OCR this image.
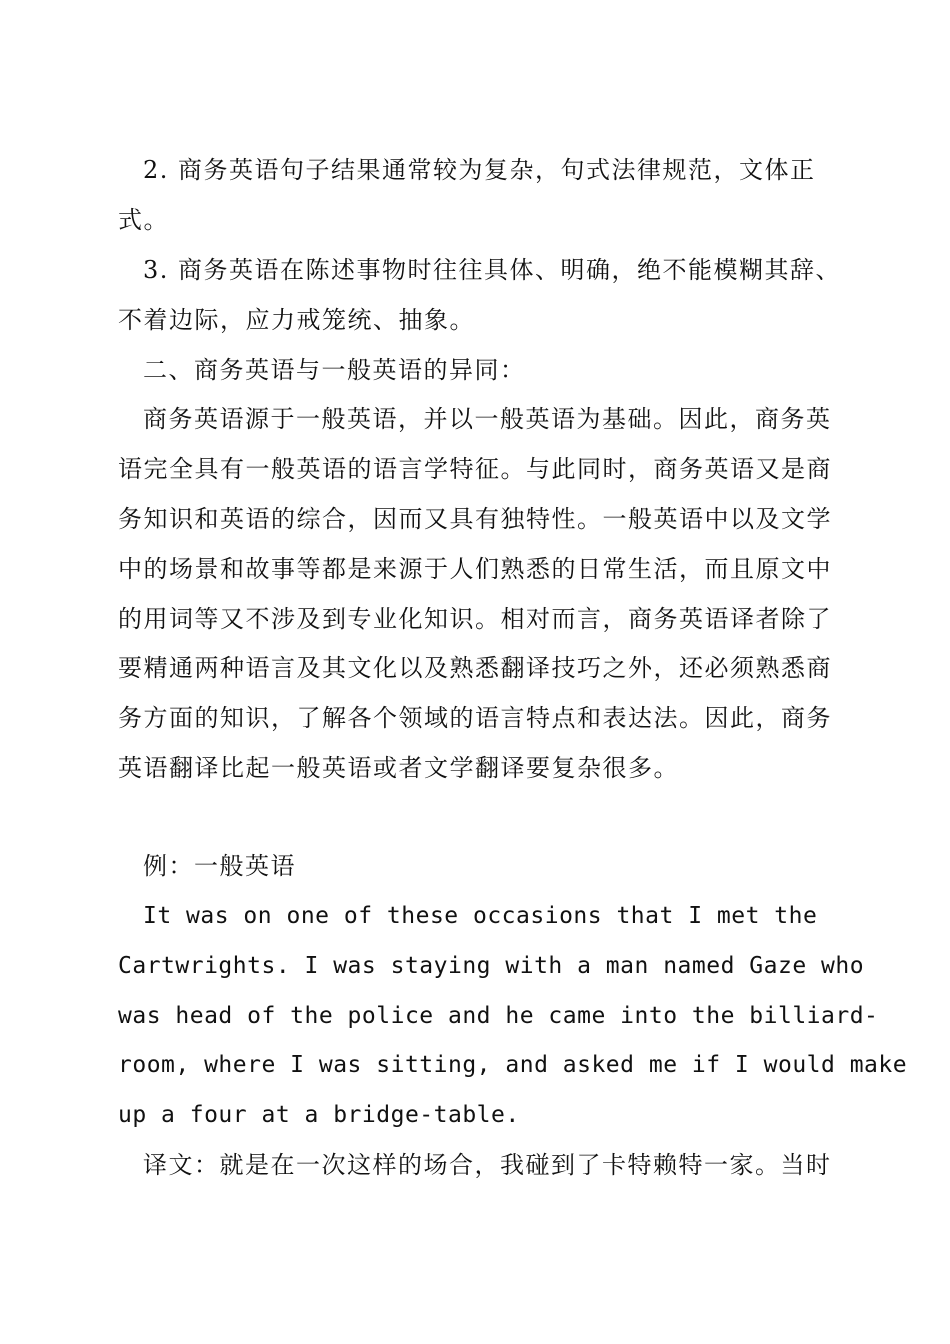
2. 商务英语句子结果通常较为复杂，句式法律规范，文体正
式。
3. 商务英语在陈述事物时往往具体、明确，绝不能模糊其辞、
不着边际，应力戒笼统、抽象。
二、商务英语与一般英语的异同：
商务英语源于一般英语，并以一般英语为基础。因此，商务英
语完全具有一般英语的语言学特征。与此同时，商务英语又是商
务知识和英语的综合，因而又具有独特性。一般英语中以及文学
中的场景和故事等都是来源于人们熟悉的日常生活，而且原文中
的用词等又不涉及到专业化知识。相对而言，商务英语译者除了
要精通两种语言及其文化以及熟悉翻译技巧之外，还必须熟悉商
务方面的知识，了解各个领域的语言特点和表达法。因此，商务
英语翻译比起一般英语或者文学翻译要复杂很多。
例：一般英语
It was on one of these occasions that I met the
Cartwrights. I was staying with a man named Gaze who
was head of the police and he came into the billiard-
room, where I was sitting, and asked me if I would make
up a four at a bridge-table.
译文：就是在一次这样的场合，我碰到了卡特赖特一家。当时
